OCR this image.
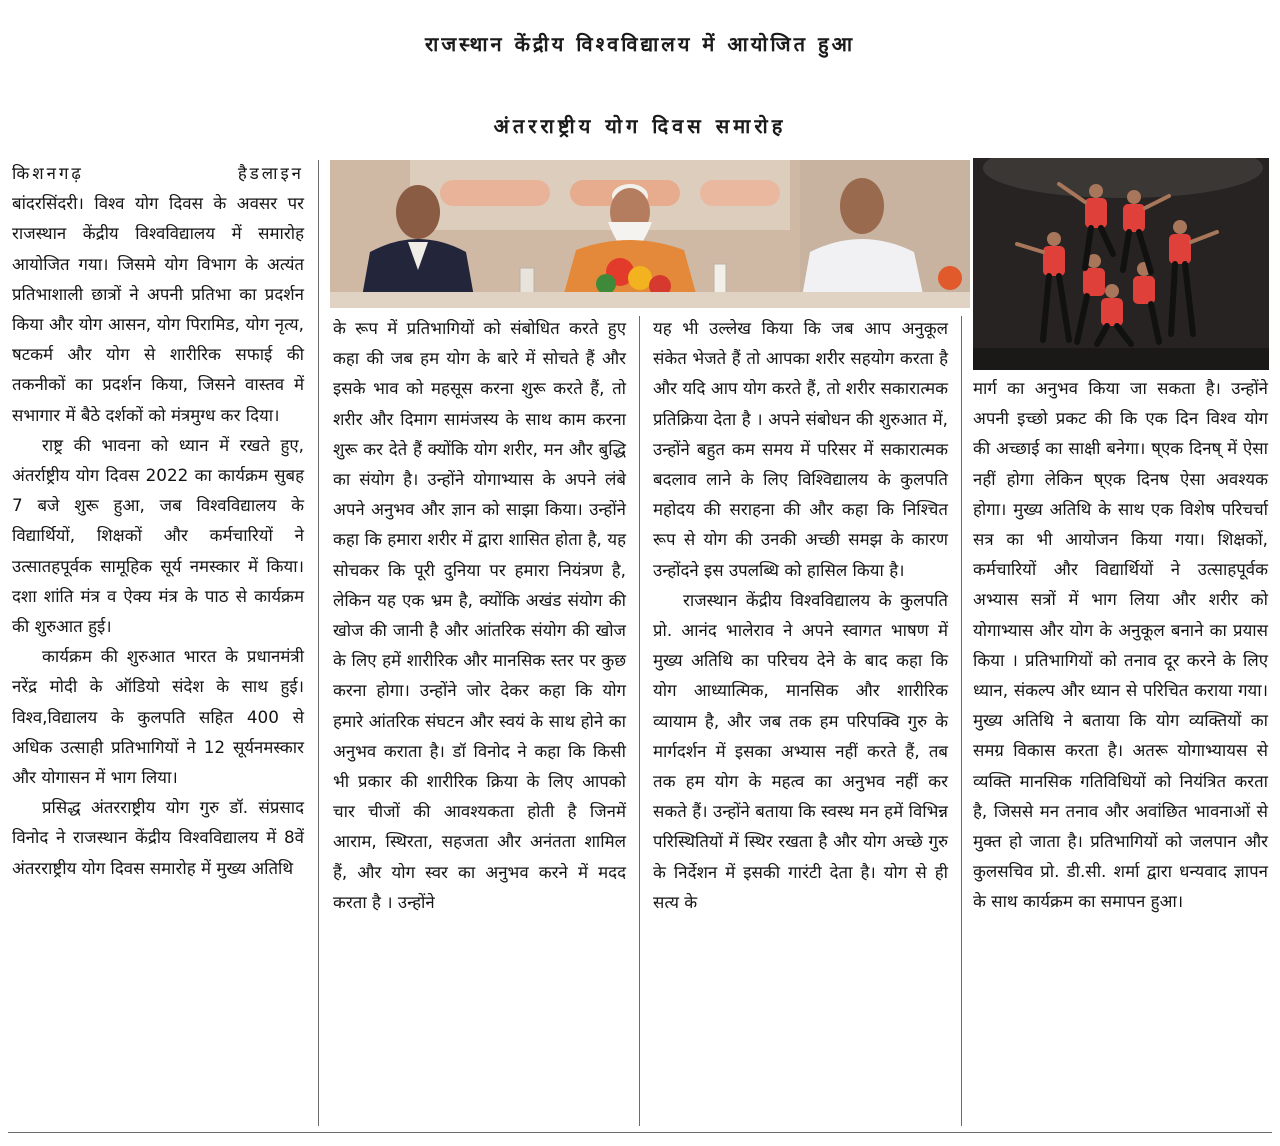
राजस्थान केंद्रीय विश्वविद्यालय में आयोजित हुआ
अंतरराष्ट्रीय योग दिवस समारोह
किशनगढ़	हैडलाइन

बांदरसिंदरी। विश्व योग दिवस के अवसर पर राजस्थान केंद्रीय विश्वविद्यालय में समारोह आयोजित गया। जिसमे योग विभाग के अत्यंत प्रतिभाशाली छात्रों ने अपनी प्रतिभा का प्रदर्शन किया और योग आसन, योग पिरामिड, योग नृत्य, षटकर्म और योग से शारीरिक सफाई की तकनीकों का प्रदर्शन किया, जिसने वास्तव में सभागार में बैठे दर्शकों को मंत्रमुग्ध कर दिया।

राष्ट्र की भावना को ध्यान में रखते हुए, अंतर्राष्ट्रीय योग दिवस 2022 का कार्यक्रम सुबह 7 बजे शुरू हुआ, जब विश्वविद्यालय के विद्यार्थियों, शिक्षकों और कर्मचारियों ने उत्सातहपूर्वक सामूहिक सूर्य नमस्कार में किया। दशा शांति मंत्र व ऐक्य मंत्र के पाठ से कार्यक्रम की शुरुआत हुई।

कार्यक्रम की शुरुआत भारत के प्रधानमंत्री नरेंद्र मोदी के ऑडियो संदेश के साथ हुई। विश्व,विद्यालय के कुलपति सहित 400 से अधिक उत्साही प्रतिभागियों ने 12 सूर्यनमस्कार और योगासन में भाग लिया।

प्रसिद्ध अंतरराष्ट्रीय योग गुरु डॉ. संप्रसाद विनोद ने राजस्थान केंद्रीय विश्वविद्यालय में 8वें अंतरराष्ट्रीय योग दिवस समारोह में मुख्य अतिथि

के रूप में प्रतिभागियों को संबोधित करते हुए कहा की जब हम योग के बारे में सोचते हैं और इसके भाव को महसूस करना शुरू करते हैं, तो शरीर और दिमाग सामंजस्य के साथ काम करना शुरू कर देते हैं क्योंकि योग शरीर, मन और बुद्धि का संयोग है। उन्होंने योगाभ्यास के अपने लंबे अपने अनुभव और ज्ञान को साझा किया। उन्होंने कहा कि हमारा शरीर में द्वारा शासित होता है, यह सोचकर कि पूरी दुनिया पर हमारा नियंत्रण है, लेकिन यह एक भ्रम है, क्योंकि अखंड संयोग की खोज की जानी है और आंतरिक संयोग की खोज के लिए हमें शारीरिक और मानसिक स्तर पर कुछ करना होगा। उन्होंने जोर देकर कहा कि योग हमारे आंतरिक संघटन और स्वयं के साथ होने का अनुभव कराता है। डॉ विनोद ने कहा कि किसी भी प्रकार की शारीरिक क्रिया के लिए आपको चार चीजों की आवश्यकता होती है जिनमें आराम, स्थिरता, सहजता और अनंतता शामिल हैं, और योग स्वर का अनुभव करने में मदद करता है । उन्होंने

यह भी उल्लेख किया कि जब आप अनुकूल संकेत भेजते हैं तो आपका शरीर सहयोग करता है और यदि आप योग करते हैं, तो शरीर सकारात्मक प्रतिक्रिया देता है । अपने संबोधन की शुरुआत में, उन्होंने बहुत कम समय में परिसर में सकारात्मक बदलाव लाने के लिए विश्विद्यालय के कुलपति महोदय की सराहना की और कहा कि निश्चित रूप से योग की उनकी अच्छी समझ के कारण उन्होंदने इस उपलब्धि को हासिल किया है।

राजस्थान केंद्रीय विश्वविद्यालय के कुलपति प्रो. आनंद भालेराव ने अपने स्वागत भाषण में मुख्य अतिथि का परिचय देने के बाद कहा कि योग आध्यात्मिक, मानसिक और शारीरिक व्यायाम है, और जब तक हम परिपक्वि गुरु के मार्गदर्शन में इसका अभ्यास नहीं करते हैं, तब तक हम योग के महत्व का अनुभव नहीं कर सकते हैं। उन्होंने बताया कि स्वस्थ मन हमें विभिन्न परिस्थितियों में स्थिर रखता है और योग अच्छे गुरु के निर्देशन में इसकी गारंटी देता है। योग से ही सत्य के

मार्ग का अनुभव किया जा सकता है। उन्होंने अपनी इच्छो प्रकट की कि एक दिन विश्व योग की अच्छाई का साक्षी बनेगा। ष्एक दिनष् में ऐसा नहीं होगा लेकिन ष्एक दिनष ऐसा अवश्यक होगा। मुख्य अतिथि के साथ एक विशेष परिचर्चा सत्र का भी आयोजन किया गया। शिक्षकों, कर्मचारियों और विद्यार्थियों ने उत्साहपूर्वक अभ्यास सत्रों में भाग लिया और शरीर को योगाभ्यास और योग के अनुकूल बनाने का प्रयास किया । प्रतिभागियों को तनाव दूर करने के लिए ध्यान, संकल्प और ध्यान से परिचित कराया गया। मुख्य अतिथि ने बताया कि योग व्यक्तियों का समग्र विकास करता है। अतरू योगाभ्यायस से व्यक्ति मानसिक गतिविधियों को नियंत्रित करता है, जिससे मन तनाव और अवांछित भावनाओं से मुक्त हो जाता है। प्रतिभागियों को जलपान और कुलसचिव प्रो. डी.सी. शर्मा द्वारा धन्यवाद ज्ञापन के साथ कार्यक्रम का समापन हुआ।
